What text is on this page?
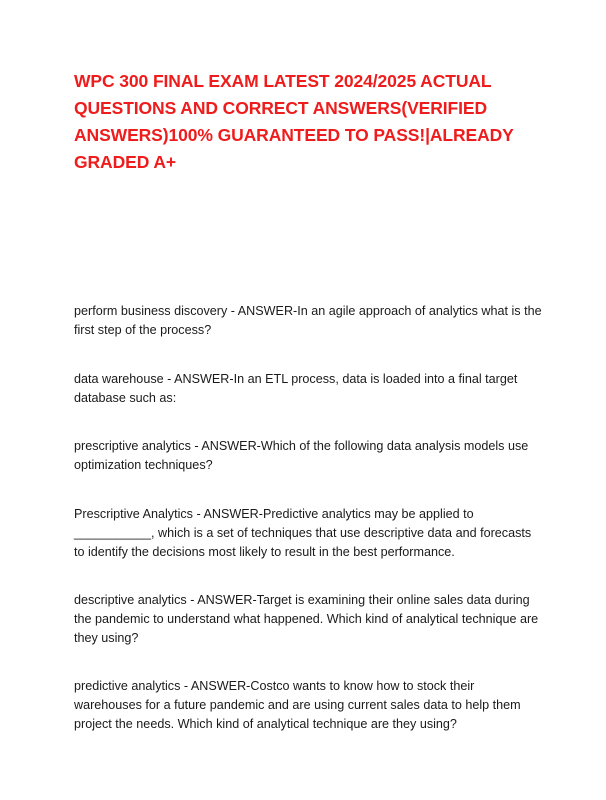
WPC 300 FINAL EXAM LATEST 2024/2025 ACTUAL QUESTIONS AND CORRECT ANSWERS(VERIFIED ANSWERS)100% GUARANTEED TO PASS!|ALREADY GRADED A+

perform business discovery - ANSWER-In an agile approach of analytics what is the first step of the process?

data warehouse - ANSWER-In an ETL process, data is loaded into a final target database such as:

prescriptive analytics - ANSWER-Which of the following data analysis models use optimization techniques?

Prescriptive Analytics - ANSWER-Predictive analytics may be applied to ___________, which is a set of techniques that use descriptive data and forecasts to identify the decisions most likely to result in the best performance.

descriptive analytics - ANSWER-Target is examining their online sales data during the pandemic to understand what happened. Which kind of analytical technique are they using?

predictive analytics - ANSWER-Costco wants to know how to stock their warehouses for a future pandemic and are using current sales data to help them project the needs. Which kind of analytical technique are they using?
